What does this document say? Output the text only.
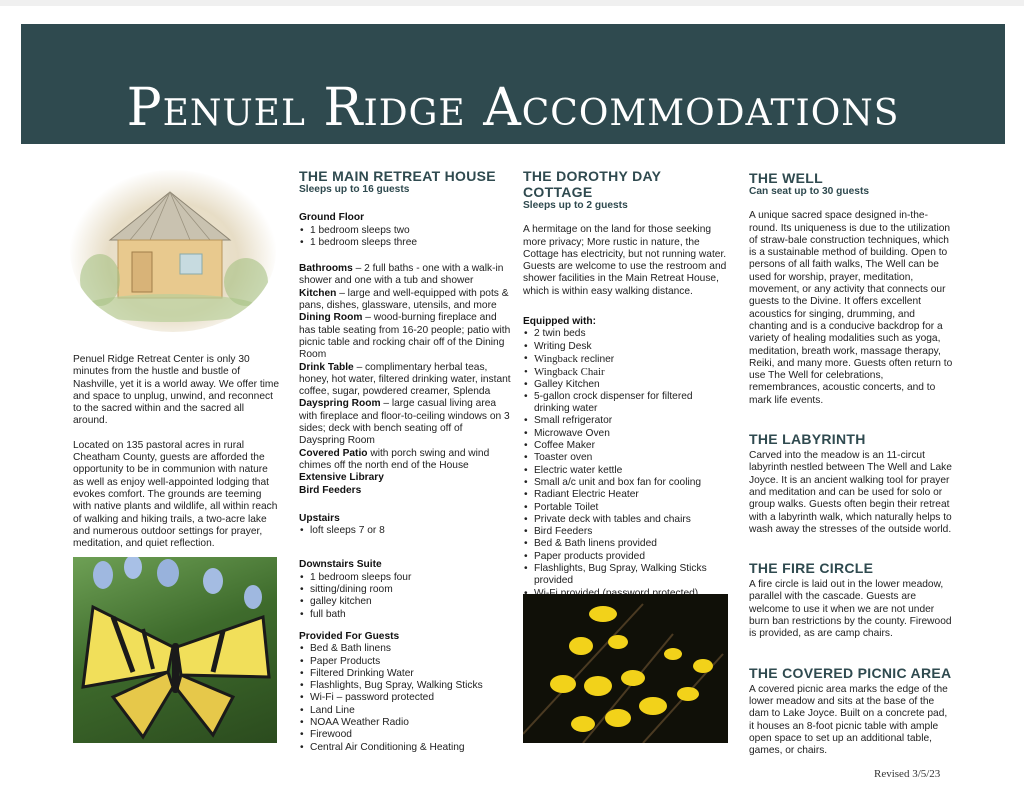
Penuel Ridge Accommodations

Penuel Ridge Retreat Center is only 30 minutes from the hustle and bustle of Nashville, yet it is a world away. We offer time and space to unplug, unwind, and reconnect to the sacred within and the sacred all around.

Located on 135 pastoral acres in rural Cheatham County, guests are afforded the opportunity to be in communion with nature as well as enjoy well-appointed lodging that evokes comfort. The grounds are teeming with native plants and wildlife, all within reach of walking and hiking trails, a two-acre lake and numerous outdoor settings for prayer, meditation, and quiet reflection.

THE MAIN RETREAT HOUSE

Sleeps up to 16 guests

Ground Floor

• 1 bedroom sleeps two
• 1 bedroom sleeps three

Bathrooms – 2 full baths - one with a walk-in shower and one with a tub and shower

Kitchen – large and well-equipped with pots & pans, dishes, glassware, utensils, and more

Dining Room – wood-burning fireplace and has table seating from 16-20 people; patio with picnic table and rocking chair off of the Dining Room

Drink Table – complimentary herbal teas, honey, hot water, filtered drinking water, instant coffee, sugar, powdered creamer, Splenda

Dayspring Room – large casual living area with fireplace and floor-to-ceiling windows on 3 sides; deck with bench seating off of Dayspring Room

Covered Patio with porch swing and wind chimes off the north end of the House

Extensive Library

Bird Feeders

Upstairs

• loft sleeps 7 or 8

Downstairs Suite

• 1 bedroom sleeps four
• sitting/dining room
• galley kitchen
• full bath

Provided For Guests

• Bed & Bath linens
• Paper Products
• Filtered Drinking Water
• Flashlights, Bug Spray, Walking Sticks
• Wi-Fi – password protected
• Land Line
• NOAA Weather Radio
• Firewood
• Central Air Conditioning & Heating

THE DOROTHY DAY COTTAGE

Sleeps up to 2 guests

A hermitage on the land for those seeking more privacy; More rustic in nature, the Cottage has electricity, but not running water. Guests are welcome to use the restroom and shower facilities in the Main Retreat House, which is within easy walking distance.

Equipped with:

• 2 twin beds
• Writing Desk
• Wingback recliner
• Wingback Chair
• Galley Kitchen
• 5-gallon crock dispenser for filtered drinking water
• Small refrigerator
• Microwave Oven
• Coffee Maker
• Toaster oven
• Electric water kettle
• Small a/c unit and box fan for cooling
• Radiant Electric Heater
• Portable Toilet
• Private deck with tables and chairs
• Bird Feeders
• Bed & Bath linens provided
• Paper products provided
• Flashlights, Bug Spray, Walking Sticks provided
•

THE WELL

Can seat up to 30 guests

A unique sacred space designed in-the-round. Its uniqueness is due to the utilization of straw-bale construction techniques, which is a sustainable method of building. Open to persons of all faith walks, The Well can be used for worship, prayer, meditation, movement, or any activity that connects our guests to the Divine. It offers excellent acoustics for singing, drumming, and chanting and is a conducive backdrop for a variety of healing modalities such as yoga, meditation, breath work, massage therapy, Reiki, and many more. Guests often return to use The Well for celebrations, remembrances, acoustic concerts, and to mark life events.

THE LABYRINTH

Carved into the meadow is an 11-circut labyrinth nestled between The Well and Lake Joyce. It is an ancient walking tool for prayer and meditation and can be used for solo or group walks. Guests often begin their retreat with a labyrinth walk, which naturally helps to wash away the stresses of the outside world.

THE FIRE CIRCLE

A fire circle is laid out in the lower meadow, parallel with the cascade. Guests are welcome to use it when we are not under burn ban restrictions by the county. Firewood is provided, as are camp chairs.

THE COVERED PICNIC AREA

A covered picnic area marks the edge of the lower meadow and sits at the base of the dam to Lake Joyce. Built on a concrete pad, it houses an 8-foot picnic table with ample open space to set up an additional table, games, or chairs.

Revised 3/5/23
